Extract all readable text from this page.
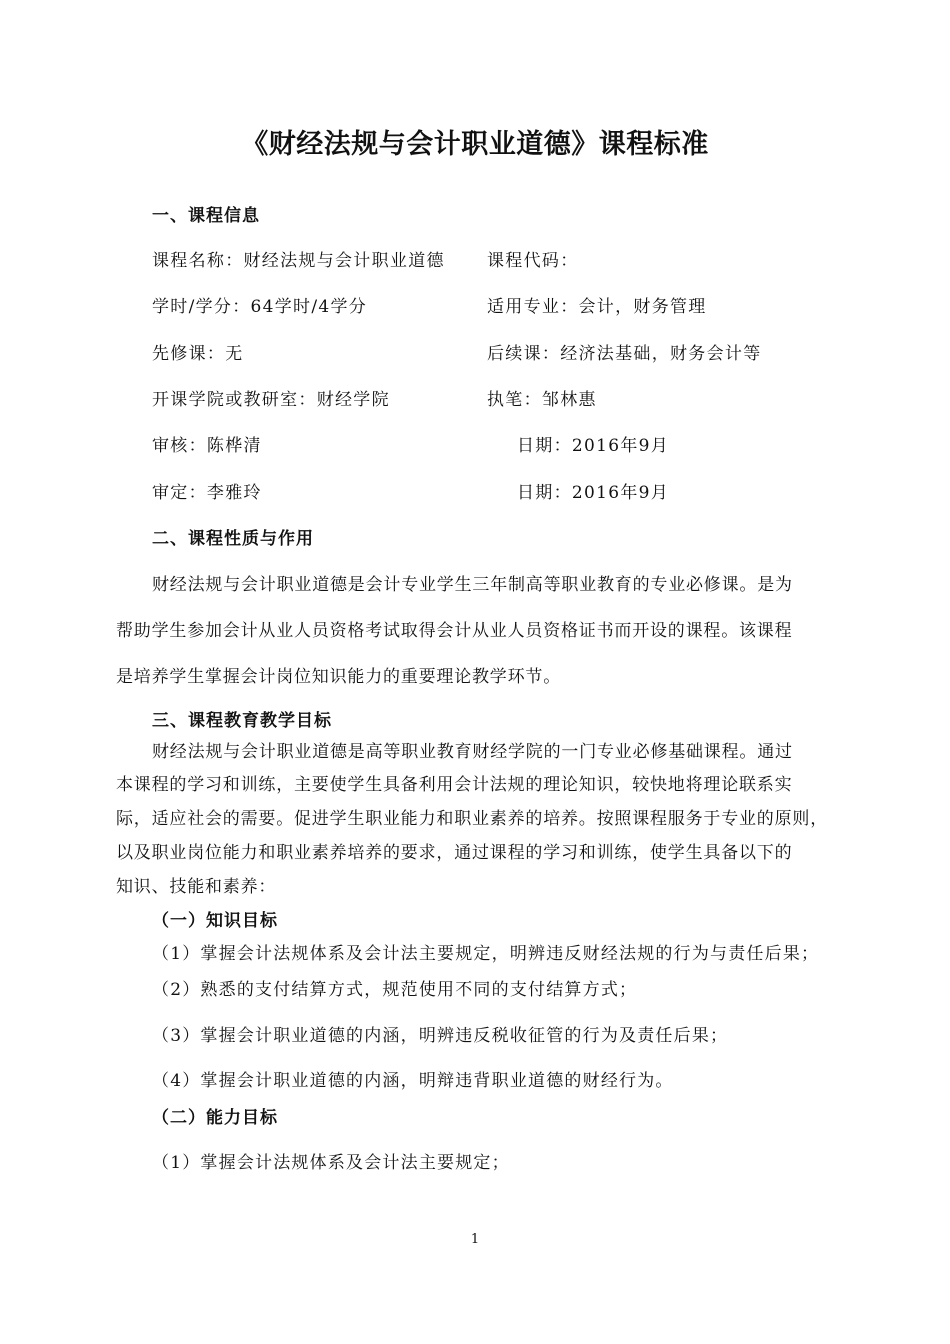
《财经法规与会计职业道德》课程标准
一、课程信息
课程名称：财经法规与会计职业道德 课程代码：
学时/学分：64学时/4学分	适用专业：会计，财务管理
先修课：无	后续课：经济法基础，财务会计等
开课学院或教研室：财经学院	执笔：邹林惠
审核：陈桦清	日期：2016年9月
审定：李雅玲	日期：2016年9月
二、课程性质与作用
财经法规与会计职业道德是会计专业学生三年制高等职业教育的专业必修课。是为
帮助学生参加会计从业人员资格考试取得会计从业人员资格证书而开设的课程。该课程
是培养学生掌握会计岗位知识能力的重要理论教学环节。
三、课程教育教学目标
财经法规与会计职业道德是高等职业教育财经学院的一门专业必修基础课程。通过
本课程的学习和训练，主要使学生具备利用会计法规的理论知识，较快地将理论联系实
际，适应社会的需要。促进学生职业能力和职业素养的培养。按照课程服务于专业的原则，
以及职业岗位能力和职业素养培养的要求，通过课程的学习和训练，使学生具备以下的
知识、技能和素养：
（一）知识目标
（1）掌握会计法规体系及会计法主要规定，明辨违反财经法规的行为与责任后果；
（2）熟悉的支付结算方式，规范使用不同的支付结算方式；
（3）掌握会计职业道德的内涵，明辨违反税收征管的行为及责任后果；
（4）掌握会计职业道德的内涵，明辩违背职业道德的财经行为。
（二）能力目标
（1）掌握会计法规体系及会计法主要规定；
1
